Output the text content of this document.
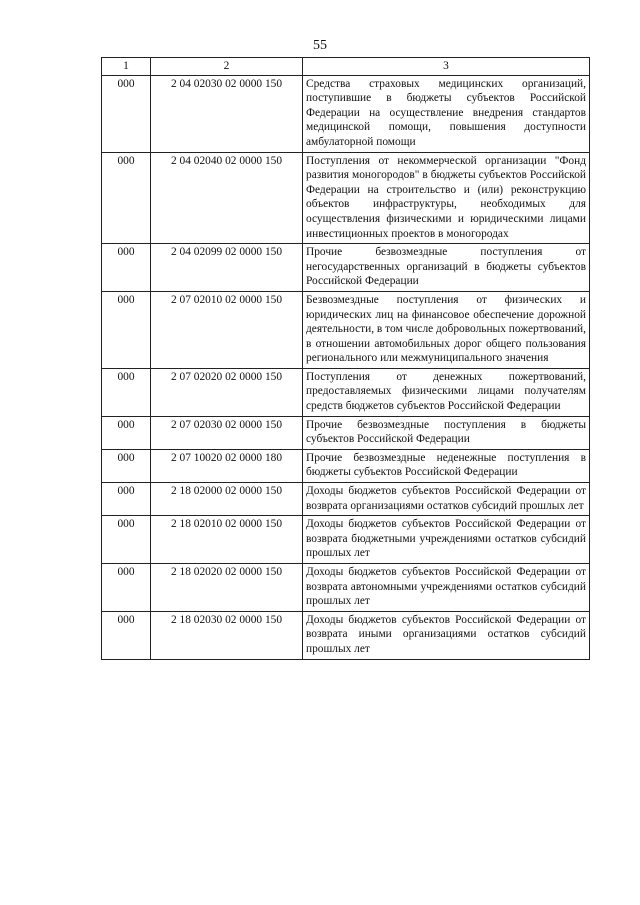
55
1	2	3
000	2 04 02030 02 0000 150	Средства страховых медицинских организаций, поступившие в бюджеты субъектов Российской Федерации на осуществление внедрения стандартов медицинской помощи, повышения доступности амбулаторной помощи
000	2 04 02040 02 0000 150	Поступления от некоммерческой организации "Фонд развития моногородов" в бюджеты субъектов Российской Федерации на строительство и (или) реконструкцию объектов инфраструктуры, необходимых для осуществления физическими и юридическими лицами инвестиционных проектов в моногородах
000	2 04 02099 02 0000 150	Прочие безвозмездные поступления от негосударственных организаций в бюджеты субъектов Российской Федерации
000	2 07 02010 02 0000 150	Безвозмездные поступления от физических и юридических лиц на финансовое обеспечение дорожной деятельности, в том числе добровольных пожертвований, в отношении автомобильных дорог общего пользования регионального или межмуниципального значения
000	2 07 02020 02 0000 150	Поступления от денежных пожертвований, предоставляемых физическими лицами получателям средств бюджетов субъектов Российской Федерации
000	2 07 02030 02 0000 150	Прочие безвозмездные поступления в бюджеты субъектов Российской Федерации
000	2 07 10020 02 0000 180	Прочие безвозмездные неденежные поступления в бюджеты субъектов Российской Федерации
000	2 18 02000 02 0000 150	Доходы бюджетов субъектов Российской Федерации от возврата организациями остатков субсидий прошлых лет
000	2 18 02010 02 0000 150	Доходы бюджетов субъектов Российской Федерации от возврата бюджетными учреждениями остатков субсидий прошлых лет
000	2 18 02020 02 0000 150	Доходы бюджетов субъектов Российской Федерации от возврата автономными учреждениями остатков субсидий прошлых лет
000	2 18 02030 02 0000 150	Доходы бюджетов субъектов Российской Федерации от возврата иными организациями остатков субсидий прошлых лет
